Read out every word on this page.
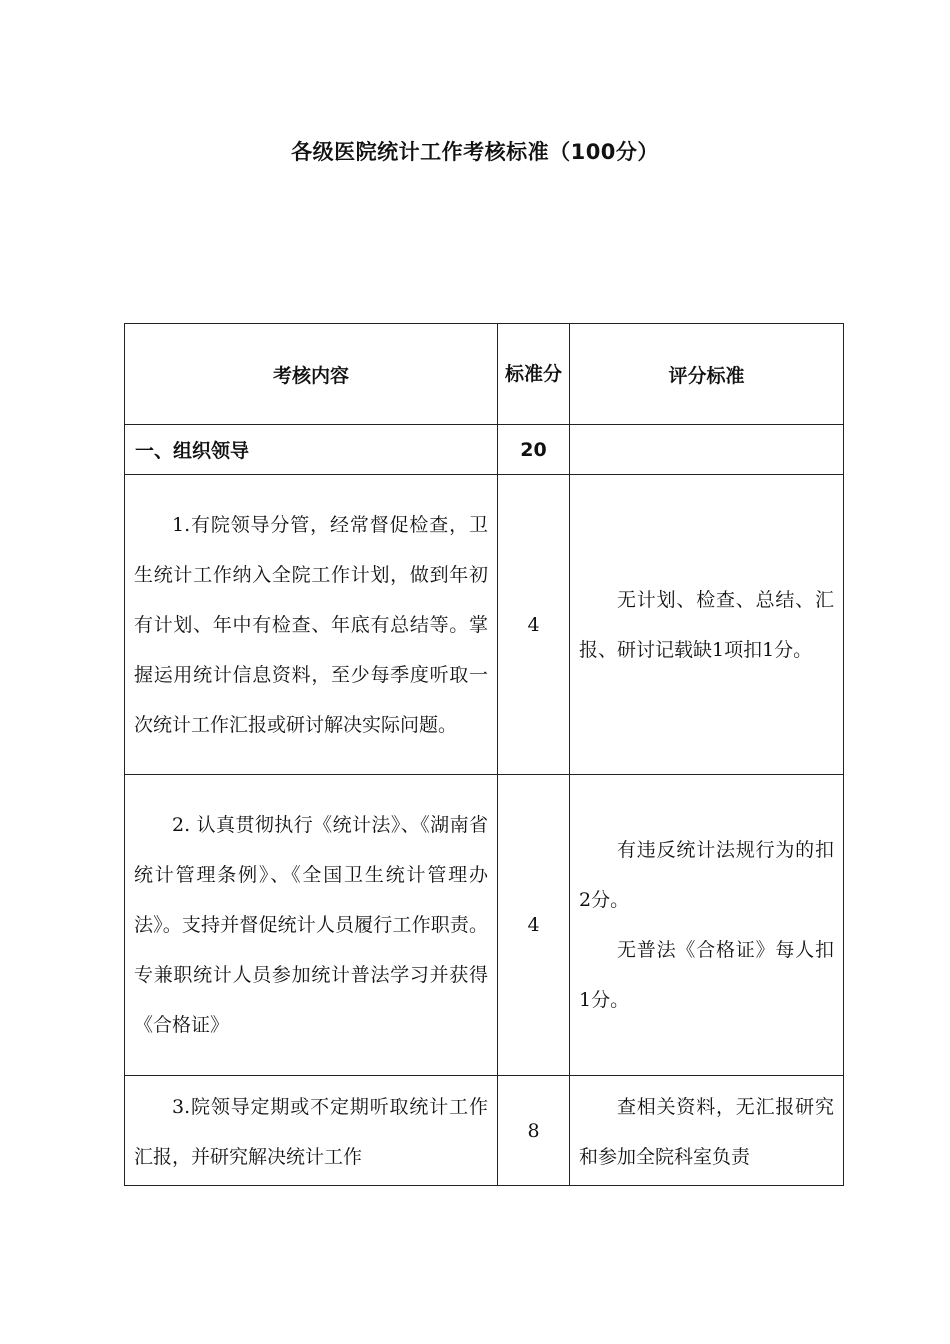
各级医院统计工作考核标准（100分）
考核内容	标准分	评分标准
一、组织领导	20	
1.有院领导分管，经常督促检查，卫生统计工作纳入全院工作计划，做到年初有计划、年中有检查、年底有总结等。掌握运用统计信息资料，至少每季度听取一次统计工作汇报或研讨解决实际问题。	4	无计划、检查、总结、汇报、研讨记载缺1项扣1分。

2. 认真贯彻执行《统计法》、《湖南省统计管理条例》、《全国卫生统计管理办法》。支持并督促统计人员履行工作职责。专兼职统计人员参加统计普法学习并获得《合格证》	4	有违反统计法规行为的扣2分。

无普法《合格证》每人扣1分。

3.院领导定期或不定期听取统计工作汇报，并研究解决统计工作	8	查相关资料，无汇报研究和参加全院科室负责
